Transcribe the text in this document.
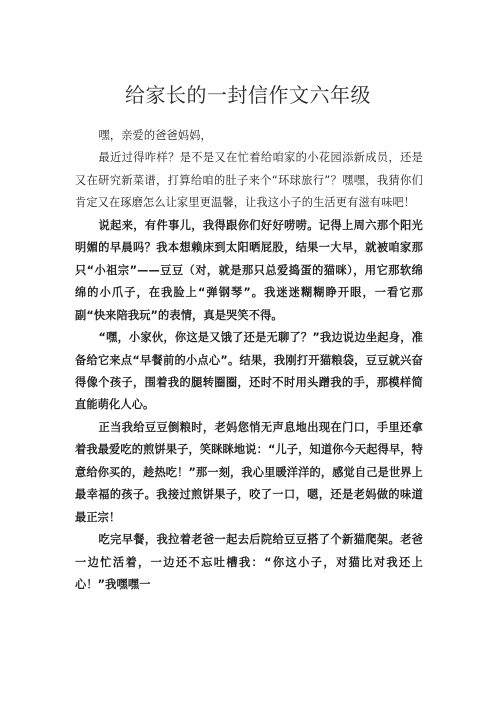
给家长的一封信作文六年级

嘿，亲爱的爸爸妈妈，

最近过得咋样？是不是又在忙着给咱家的小花园添新成员，还是又在研究新菜谱，打算给咱的肚子来个“环球旅行”？嘿嘿，我猜你们肯定又在琢磨怎么让家里更温馨，让我这小子的生活更有滋有味吧！

说起来，有件事儿，我得跟你们好好唠唠。记得上周六那个阳光明媚的早晨吗？我本想赖床到太阳晒屁股，结果一大早，就被咱家那只“小祖宗”——豆豆（对，就是那只总爱捣蛋的猫咪），用它那软绵绵的小爪子，在我脸上“弹钢琴”。我迷迷糊糊睁开眼，一看它那副“快来陪我玩”的表情，真是哭笑不得。

“嘿，小家伙，你这是又饿了还是无聊了？”我边说边坐起身，准备给它来点“早餐前的小点心”。结果，我刚打开猫粮袋，豆豆就兴奋得像个孩子，围着我的腿转圈圈，还时不时用头蹭我的手，那模样简直能萌化人心。

正当我给豆豆倒粮时，老妈您悄无声息地出现在门口，手里还拿着我最爱吃的煎饼果子，笑眯眯地说：“儿子，知道你今天起得早，特意给你买的，趁热吃！”那一刻，我心里暖洋洋的，感觉自己是世界上最幸福的孩子。我接过煎饼果子，咬了一口，嗯，还是老妈做的味道最正宗！

吃完早餐，我拉着老爸一起去后院给豆豆搭了个新猫爬架。老爸一边忙活着，一边还不忘吐槽我：“你这小子，对猫比对我还上心！”我嘿嘿一
